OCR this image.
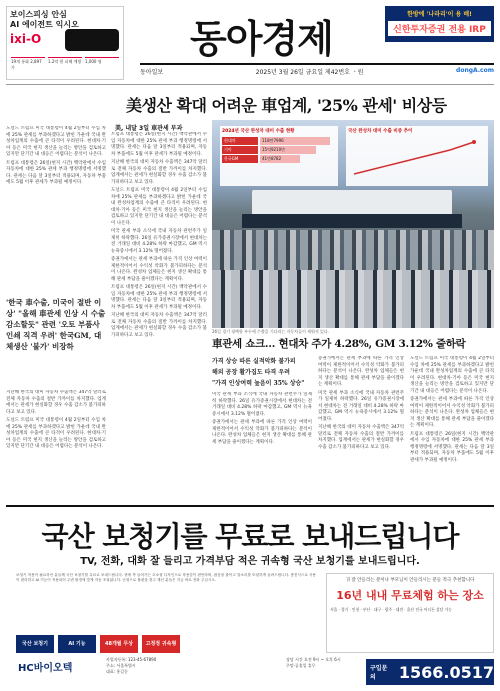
보이스피싱 안심
AI 에이전트 익시오
ixi-O
19개 통화 2,897 가
1.2억 원 피해 예방 1,000 명
동아경제
한방에 '나라리'이 용 배!
신한투자증권 전용 IRP
동아일보	2025년 3월 26일 금요일 제42번호 ㆍ원	dongA.com
美생산 확대 어려운 車업계, '25% 관세' 비상등
美, 내달 3일 車관세 부과

도널드 트럼프 미국 대통령이 4월 2일부터 수입 차에 25% 관세를 부과하겠다고 밝힌 가운데 국내 완성차업계의 수출에 큰 타격이 우려된다. 현대차·기아 등은 미국 현지 생산을 늘리는 방안을 검토하고 있지만 단기간 내 대응은 어렵다는 분석이 나온다.

트럼프 대통령은 26일(현지 시간) 백악관에서 수입 자동차에 대한 25% 관세 부과 행정명령에 서명했다. 관세는 다음 달 3일부터 적용되며, 자동차 부품에도 5월 이후 관세가 부과될 예정이다.

'한국 車수출, 미국이 절반 이상' "올해 車관세 인상 시 수출 감소할듯" 관련 '오토 부품사 인쇄 직격 우려' 한국GM, 대체생산 '불가' 비장하

지난해 한국의 대미 자동차 수출액은 347억 달러로 전체 자동차 수출의 절반 가까이를 차지했다. 업계에서는 관세가 현실화할 경우 수출 감소가 불가피하다고 보고 있다.

도널드 트럼프 미국 대통령이 4월 2일부터 수입 차에 25% 관세를 부과하겠다고 밝힌 가운데 국내 완성차업계의 수출에 큰 타격이 우려된다. 현대차·기아 등은 미국 현지 생산을 늘리는 방안을 검토하고 있지만 단기간 내 대응은 어렵다는 분석이 나온다.

트럼프 대통령은 26일(현지 시간) 백악관에서 수입 자동차에 대한 25% 관세 부과 행정명령에 서명했다. 관세는 다음 달 3일부터 적용되며, 자동차 부품에도 5월 이후 관세가 부과될 예정이다.

지난해 한국의 대미 자동차 수출액은 347억 달러로 전체 자동차 수출의 절반 가까이를 차지했다. 업계에서는 관세가 현실화할 경우 수출 감소가 불가피하다고 보고 있다.

도널드 트럼프 미국 대통령이 4월 2일부터 수입 차에 25% 관세를 부과하겠다고 밝힌 가운데 국내 완성차업계의 수출에 큰 타격이 우려된다. 현대차·기아 등은 미국 현지 생산을 늘리는 방안을 검토하고 있지만 단기간 내 대응은 어렵다는 분석이 나온다.

미국 관세 부과 소식에 국내 자동차 관련주가 일제히 하락했다. 26일 유가증권시장에서 현대차는 전 거래일 대비 4.28% 하락 마감했고, GM 역시 뉴욕증시에서 3.12% 떨어졌다.

증권가에서는 관세 부과에 따른 가격 인상 여력이 제한적이어서 수익성 악화가 불가피하다는 분석이 나온다. 완성차 업체들은 현지 생산 확대를 통해 관세 부담을 줄이겠다는 계획이다.

트럼프 대통령은 26일(현지 시간) 백악관에서 수입 자동차에 대한 25% 관세 부과 행정명령에 서명했다. 관세는 다음 달 3일부터 적용되며, 자동차 부품에도 5월 이후 관세가 부과될 예정이다.

지난해 한국의 대미 자동차 수출액은 347억 달러로 전체 자동차 수출의 절반 가까이를 차지했다. 업계에서는 관세가 현실화할 경우 수출 감소가 불가피하다고 보고 있다.

2024년 국산 완성차 대미 수출 현황
현대차	118만7996
기아	15억9210만
한국GM	41만8782
국산 완성차 대미 수출 비중 추이
26일 경기 평택항 부두에 수출을 기다리는 자동차들이 세워져 있다.
車관세 쇼크… 현대차 주가 4.28%, GM 3.12% 줄하락
가격 상승 따른 실적악화 불가피
해외 공장 활가집도 타격 우려
"가격 인상여력 높음이 35% 상승"

미국 관세 부과 소식에 국내 자동차 관련주가 일제히 하락했다. 26일 유가증권시장에서 현대차는 전 거래일 대비 4.28% 하락 마감했고, GM 역시 뉴욕증시에서 3.12% 떨어졌다.

증권가에서는 관세 부과에 따른 가격 인상 여력이 제한적이어서 수익성 악화가 불가피하다는 분석이 나온다. 완성차 업체들은 현지 생산 확대를 통해 관세 부담을 줄이겠다는 계획이다.

증권가에서는 관세 부과에 따른 가격 인상 여력이 제한적이어서 수익성 악화가 불가피하다는 분석이 나온다. 완성차 업체들은 현지 생산 확대를 통해 관세 부담을 줄이겠다는 계획이다.

미국 관세 부과 소식에 국내 자동차 관련주가 일제히 하락했다. 26일 유가증권시장에서 현대차는 전 거래일 대비 4.28% 하락 마감했고, GM 역시 뉴욕증시에서 3.12% 떨어졌다.

지난해 한국의 대미 자동차 수출액은 347억 달러로 전체 자동차 수출의 절반 가까이를 차지했다. 업계에서는 관세가 현실화할 경우 수출 감소가 불가피하다고 보고 있다.

도널드 트럼프 미국 대통령이 4월 2일부터 수입 차에 25% 관세를 부과하겠다고 밝힌 가운데 국내 완성차업계의 수출에 큰 타격이 우려된다. 현대차·기아 등은 미국 현지 생산을 늘리는 방안을 검토하고 있지만 단기간 내 대응은 어렵다는 분석이 나온다.

증권가에서는 관세 부과에 따른 가격 인상 여력이 제한적이어서 수익성 악화가 불가피하다는 분석이 나온다. 완성차 업체들은 현지 생산 확대를 통해 관세 부담을 줄이겠다는 계획이다.

트럼프 대통령은 26일(현지 시간) 백악관에서 수입 자동차에 대한 25% 관세 부과 행정명령에 서명했다. 관세는 다음 달 3일부터 적용되며, 자동차 부품에도 5월 이후 관세가 부과될 예정이다.

국산 보청기를 무료로 보내드립니다
TV, 전화, 대화 잘 들리고 가격부담 적은 귀속형 국산 보청기를 보내드립니다.
보청기 착용이 필요하신 분들께 국산 보청기를 무료로 보내드립니다. 귀에 쏙 들어가는 초소형 디자인으로 착용감이 편안하며, 잡음을 줄이고 말소리를 또렷하게 들려드립니다. 충전식으로 사용이 편리하고 AI 기능이 적용되어 주변 환경에 맞게 자동 조절됩니다. 난청으로 불편을 겪고 계신 분들은 지금 바로 전화 주십시오.
국산 보청기	AI 기능	48개월 무상	고정정 귀속형
HC바이오텍
사업자등록: 123-45-67890
주소: 서울특별시
대표: 홍길동
상담 시간 오전 9시 ~ 오후 6시
주말·공휴일 휴무
귀 잘 안들리는 분이나 부모님이 안들리시는 분들 적극 추천합니다
16년 내내 무료체험 하는 장소
서울 · 경기 · 인천 · 부산 · 대구 · 광주 · 대전 · 울산 전국 어디든 상담 가능
구입문의	1566.0517
